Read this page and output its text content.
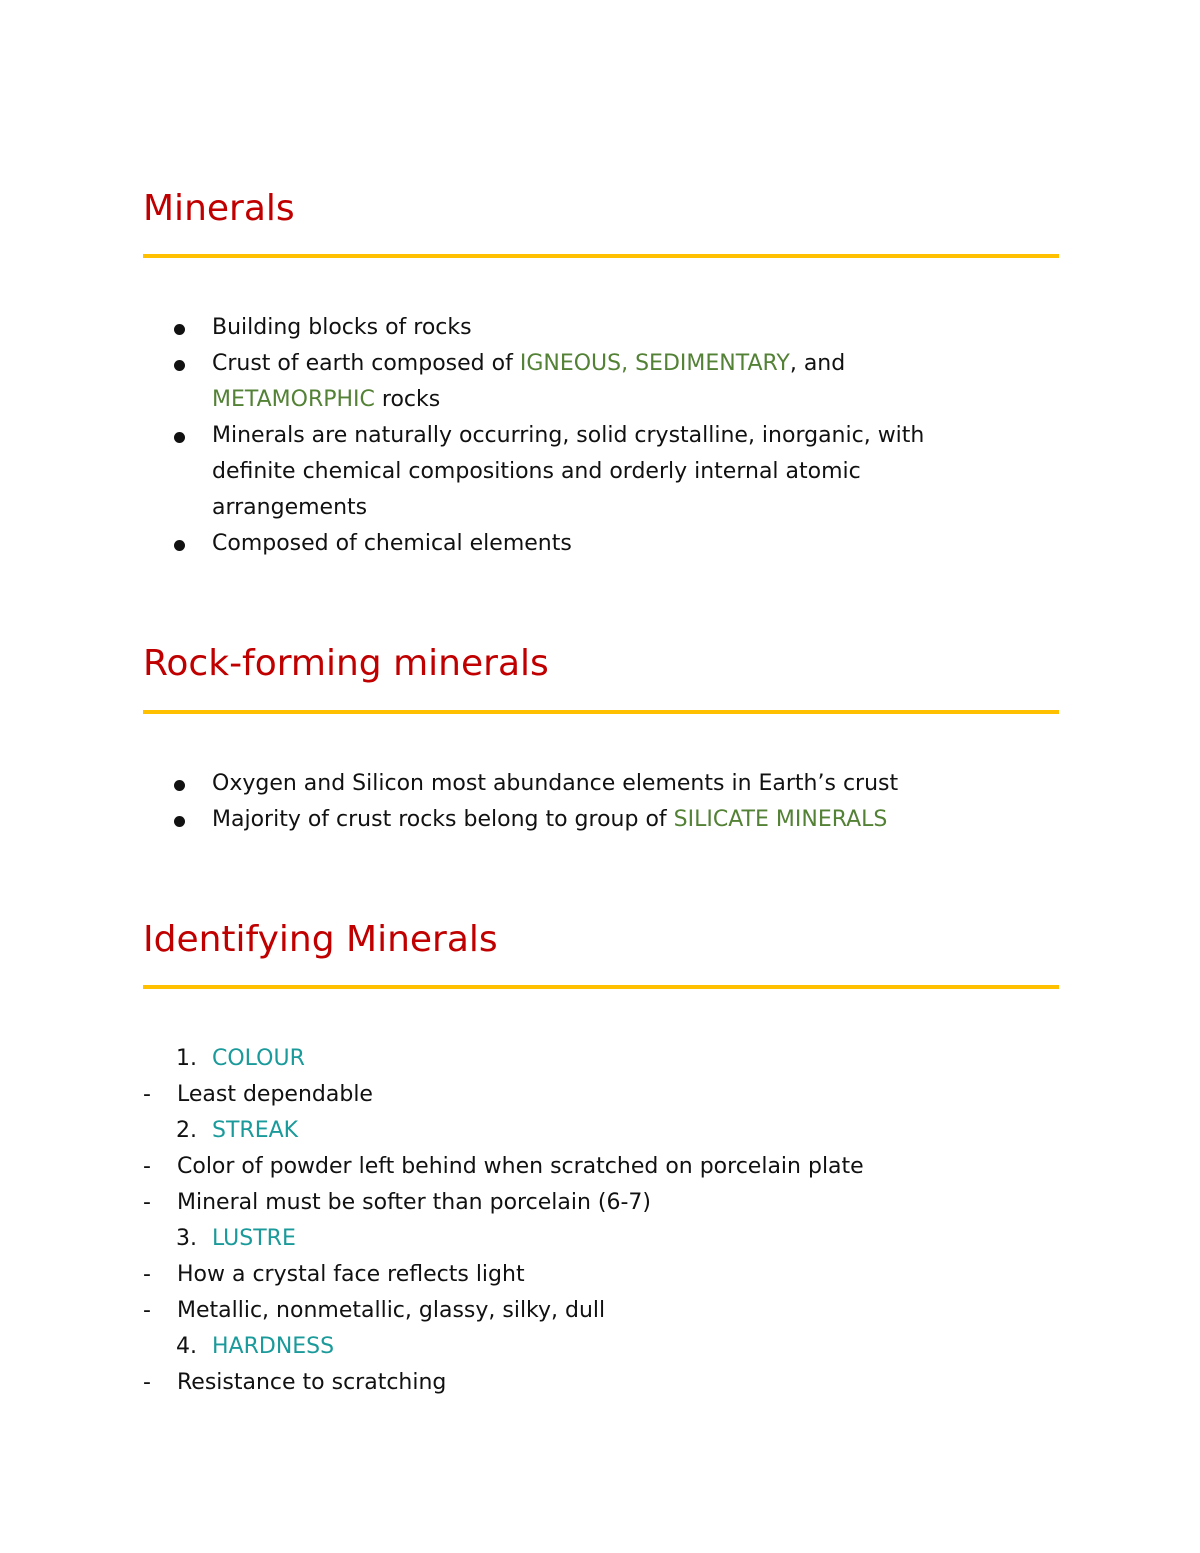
Minerals
Building blocks of rocks
Crust of earth composed of IGNEOUS, SEDIMENTARY, and METAMORPHIC rocks
Minerals are naturally occurring, solid crystalline, inorganic, with definite chemical compositions and orderly internal atomic arrangements
Composed of chemical elements
Rock-forming minerals
Oxygen and Silicon most abundance elements in Earth’s crust
Majority of crust rocks belong to group of SILICATE MINERALS
Identifying Minerals
1. COLOUR
- Least dependable
2. STREAK
- Color of powder left behind when scratched on porcelain plate
- Mineral must be softer than porcelain (6-7)
3. LUSTRE
- How a crystal face reflects light
- Metallic, nonmetallic, glassy, silky, dull
4. HARDNESS
- Resistance to scratching
